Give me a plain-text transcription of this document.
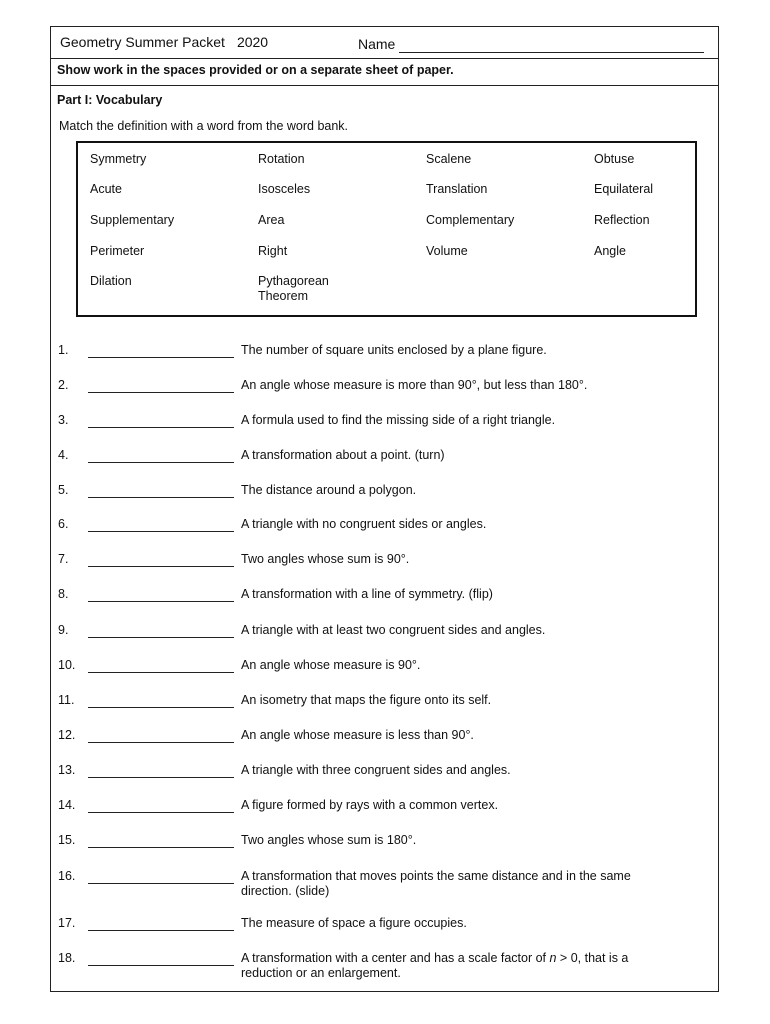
Geometry Summer Packet 2020	Name
Show work in the spaces provided or on a separate sheet of paper.
Part I: Vocabulary
Match the definition with a word from the word bank.
Symmetry	Rotation	Scalene	Obtuse
Acute	Isosceles	Translation	Equilateral
Supplementary	Area	Complementary	Reflection
Perimeter	Right	Volume	Angle
Dilation	Pythagorean Theorem
1.	The number of square units enclosed by a plane figure.
2.	An angle whose measure is more than 90°, but less than 180°.
3.	A formula used to find the missing side of a right triangle.
4.	A transformation about a point. (turn)
5.	The distance around a polygon.
6.	A triangle with no congruent sides or angles.
7.	Two angles whose sum is 90°.
8.	A transformation with a line of symmetry. (flip)
9.	A triangle with at least two congruent sides and angles.
10.	An angle whose measure is 90°.
11.	An isometry that maps the figure onto its self.
12.	An angle whose measure is less than 90°.
13.	A triangle with three congruent sides and angles.
14.	A figure formed by rays with a common vertex.
15.	Two angles whose sum is 180°.
16.	A transformation that moves points the same distance and in the same direction. (slide)
17.	The measure of space a figure occupies.
18.	A transformation with a center and has a scale factor of n > 0, that is a reduction or an enlargement.
